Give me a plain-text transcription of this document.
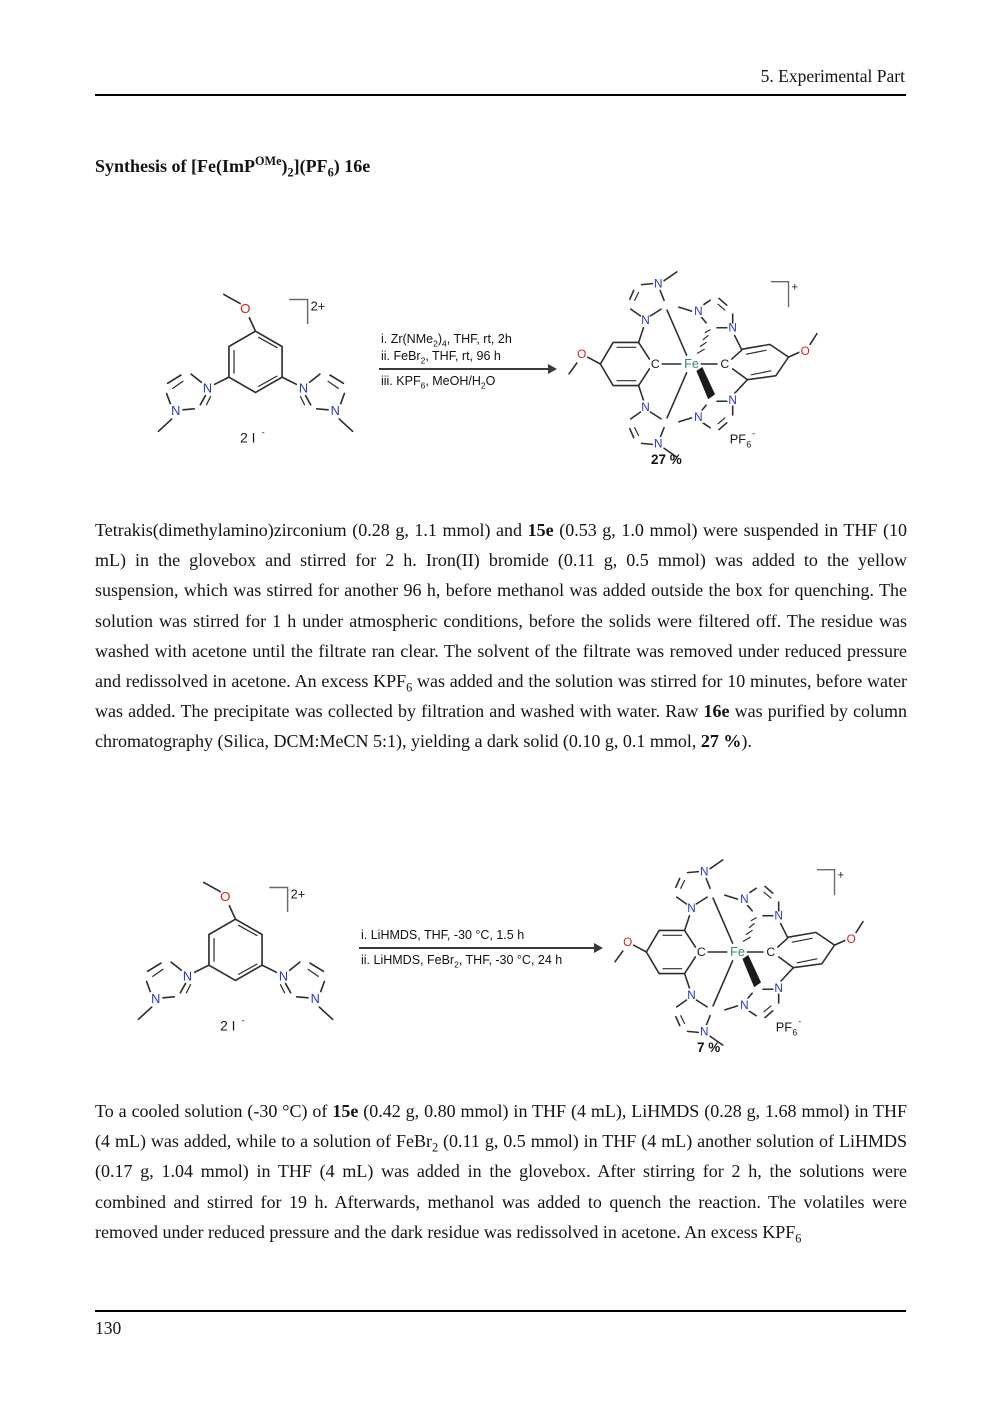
5. Experimental Part
Synthesis of $[Fe(ImP^{OMe})_2](PF_6)$ 16e
i. $Zr(NMe_2)_4$, THF, rt, 2h
ii. FeBr$_2$, THF, rt, 96 h
iii. $KPF_6$, MeOH/$H_2O$
27 %

Tetrakis(dimethylamino)zirconium (0.28 g, 1.1 mmol) and 15e (0.53 g, 1.0 mmol) were suspended in THF (10 mL) in the glovebox and stirred for 2 h. Iron(II) bromide (0.11 g, 0.5 mmol) was added to the yellow suspension, which was stirred for another 96 h, before methanol was added outside the box for quenching. The solution was stirred for 1 h under atmospheric conditions, before the solids were filtered off. The residue was washed with acetone until the filtrate ran clear. The solvent of the filtrate was removed under reduced pressure and redissolved in acetone. An excess $KPF_6$ was added and the solution was stirred for 10 minutes, before water was added. The precipitate was collected by filtration and washed with water. Raw 16e was purified by column chromatography (Silica, DCM:MeCN 5:1), yielding a dark solid (0.10 g, 0.1 mmol, 27 %).

i. LiHMDS, THF, -30 °C, 1.5 h
ii. LiHMDS, FeBr$_2$, THF, -30 °C, 24 h
7 %

To a cooled solution (-30 °C) of 15e (0.42 g, 0.80 mmol) in THF (4 mL), LiHMDS (0.28 g, 1.68 mmol) in THF (4 mL) was added, while to a solution of FeBr$_2$ (0.11 g, 0.5 mmol) in THF (4 mL) another solution of LiHMDS (0.17 g, 1.04 mmol) in THF (4 mL) was added in the glovebox. After stirring for 2 h, the solutions were combined and stirred for 19 h. Afterwards, methanol was added to quench the reaction. The volatiles were removed under reduced pressure and the dark residue was redissolved in acetone. An excess $KPF_6$

130
